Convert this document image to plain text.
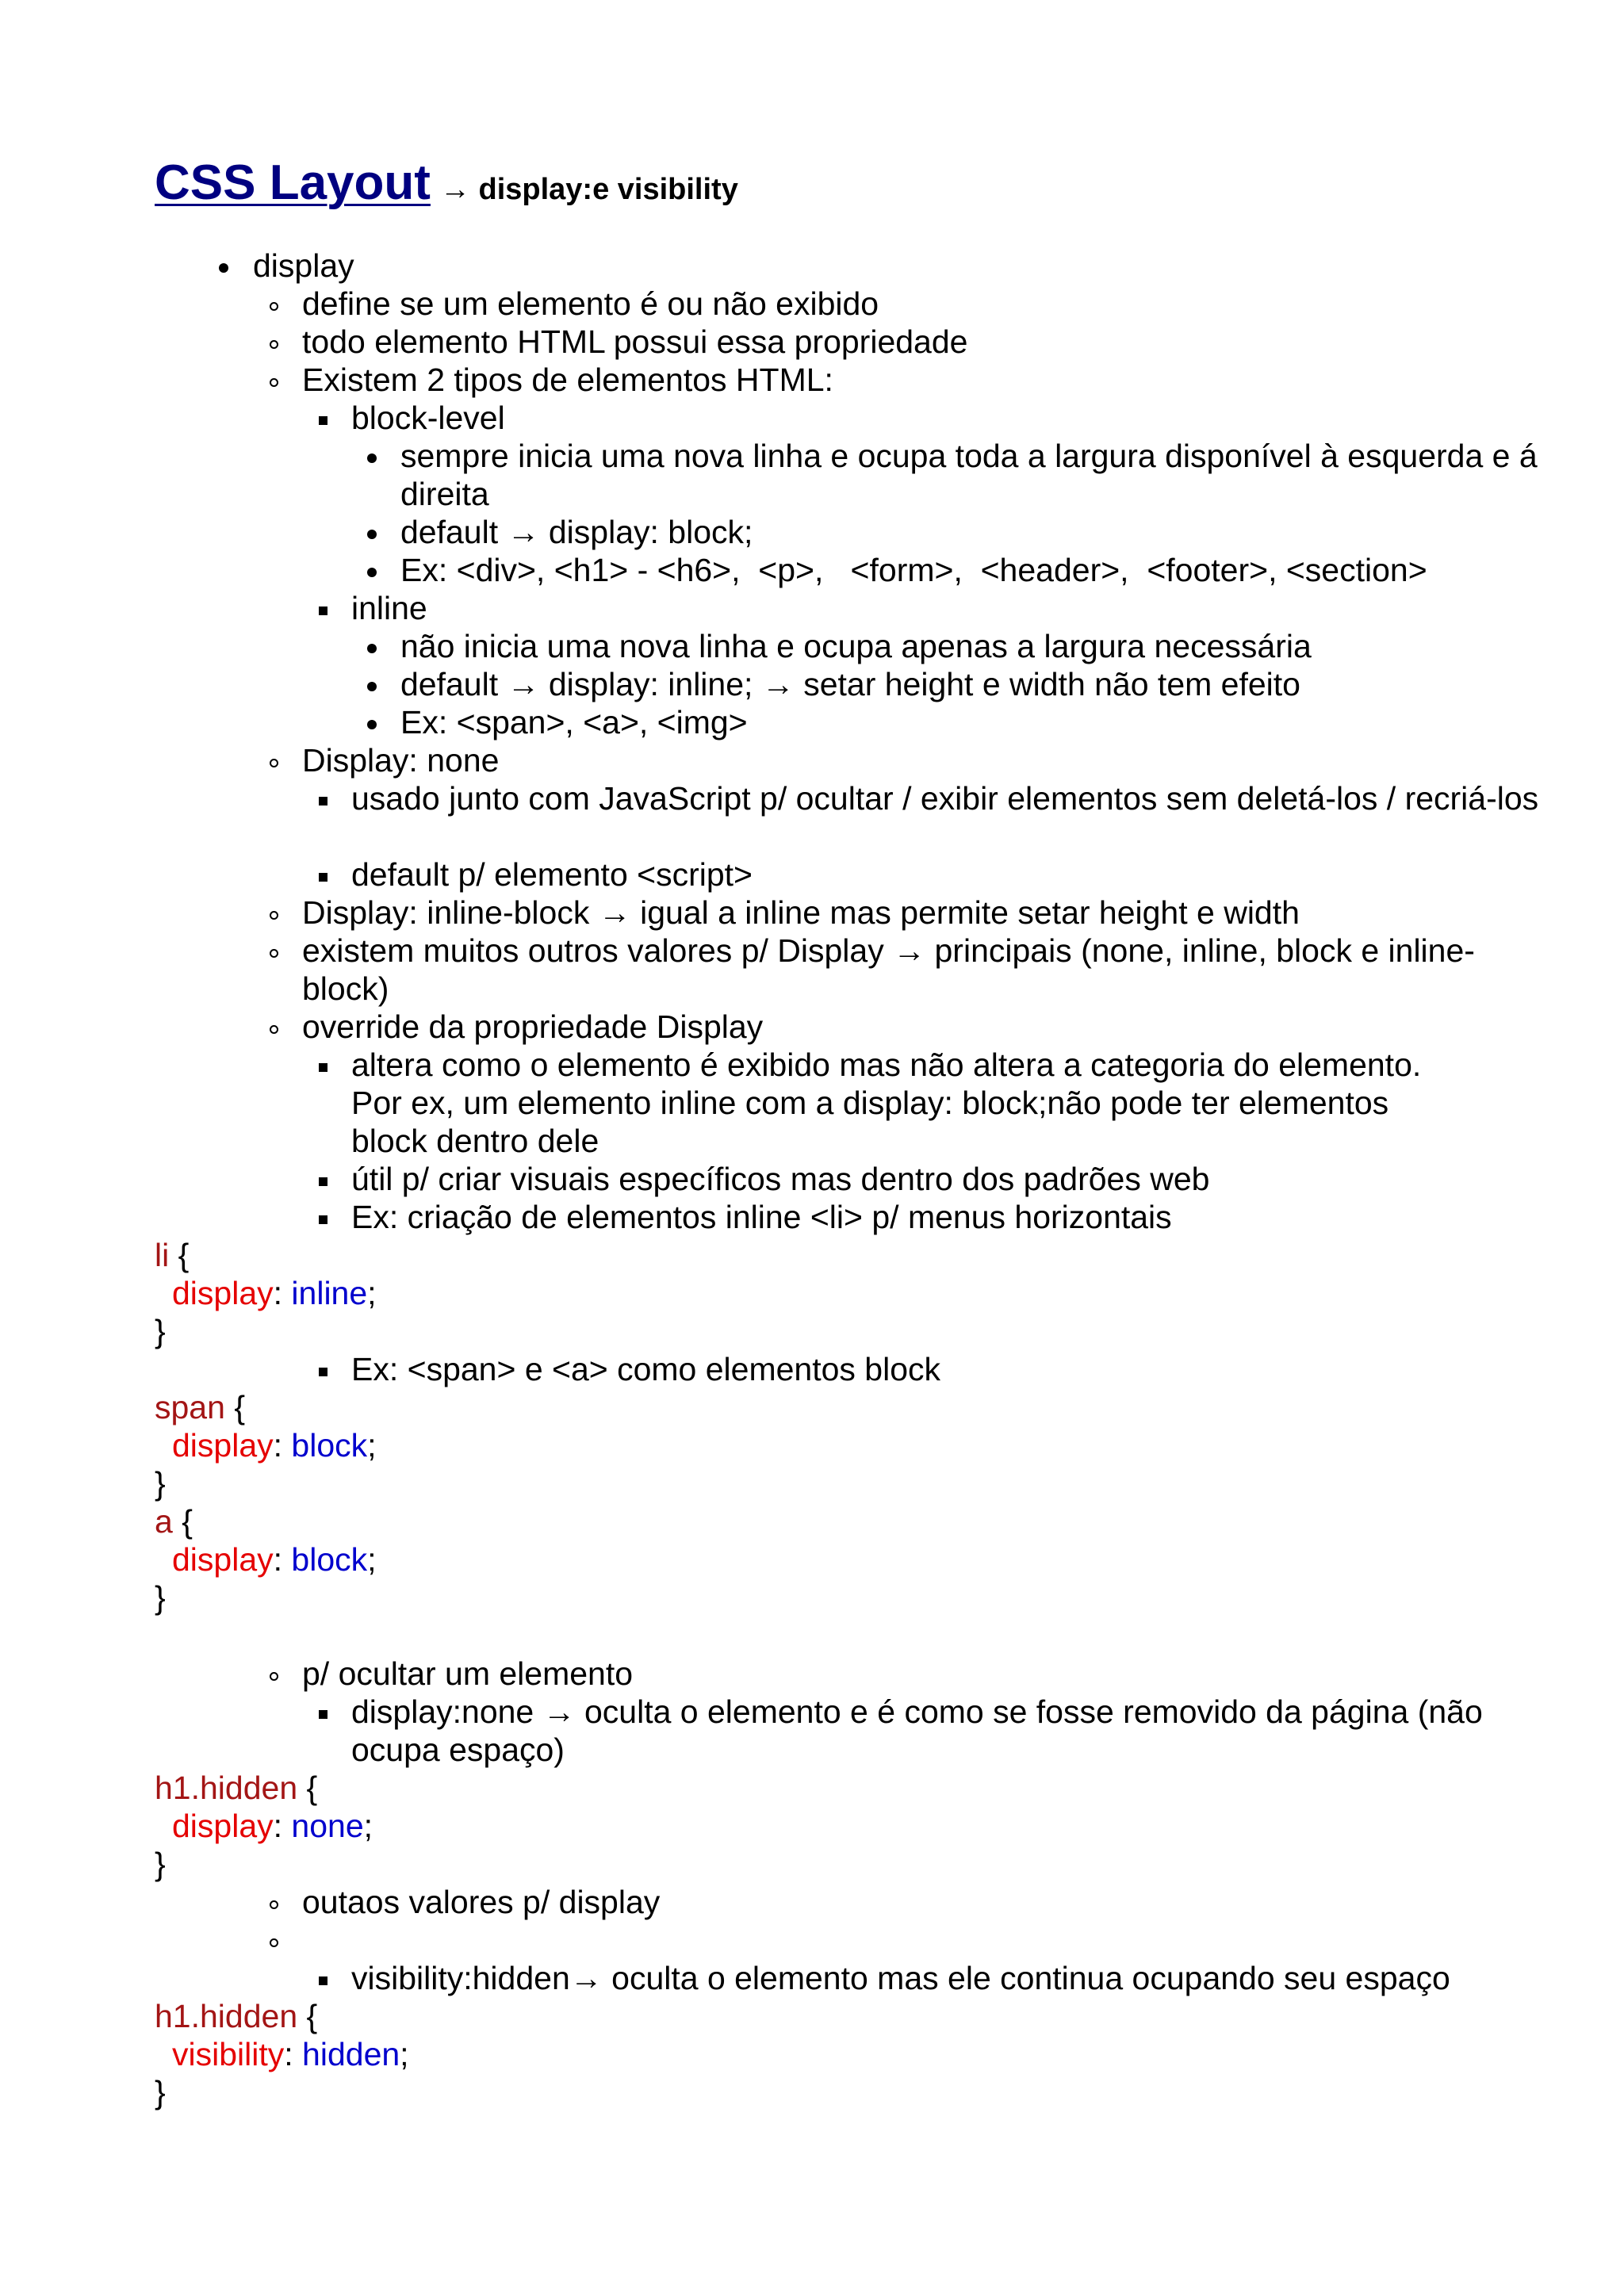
CSS Layout → display:e visibility
display
define se um elemento é ou não exibido
todo elemento HTML possui essa propriedade
Existem 2 tipos de elementos HTML:
block-level
sempre inicia uma nova linha e ocupa toda a largura disponível à esquerda e á direita
default → display: block;
Ex: <div>, <h1> - <h6>,  <p>,   <form>,  <header>,  <footer>, <section>
inline
não inicia uma nova linha e ocupa apenas a largura necessária
default → display: inline; → setar height e width não tem efeito
Ex: <span>, <a>, <img>
Display: none
usado junto com JavaScript p/ ocultar / exibir elementos sem deletá-los / recriá-los
default p/ elemento <script>
Display: inline-block → igual a inline mas permite setar height e width
existem muitos outros valores p/ Display → principais (none, inline, block e inline-block)
override da propriedade Display
altera como o elemento é exibido mas não altera a categoria do elemento.
Por ex, um elemento inline com a display: block;não pode ter elementos
block dentro dele
útil p/ criar visuais específicos mas dentro dos padrões web
Ex: criação de elementos inline <li> p/ menus horizontais
li {
display: inline;
}
Ex: <span> e <a> como elementos block
span {
display: block;
}
a {
display: block;
}
p/ ocultar um elemento
display:none → oculta o elemento e é como se fosse removido da página (não ocupa espaço)
h1.hidden {
display: none;
}
outaos valores p/ display
visibility:hidden→ oculta o elemento mas ele continua ocupando seu espaço
h1.hidden {
visibility: hidden;
}
